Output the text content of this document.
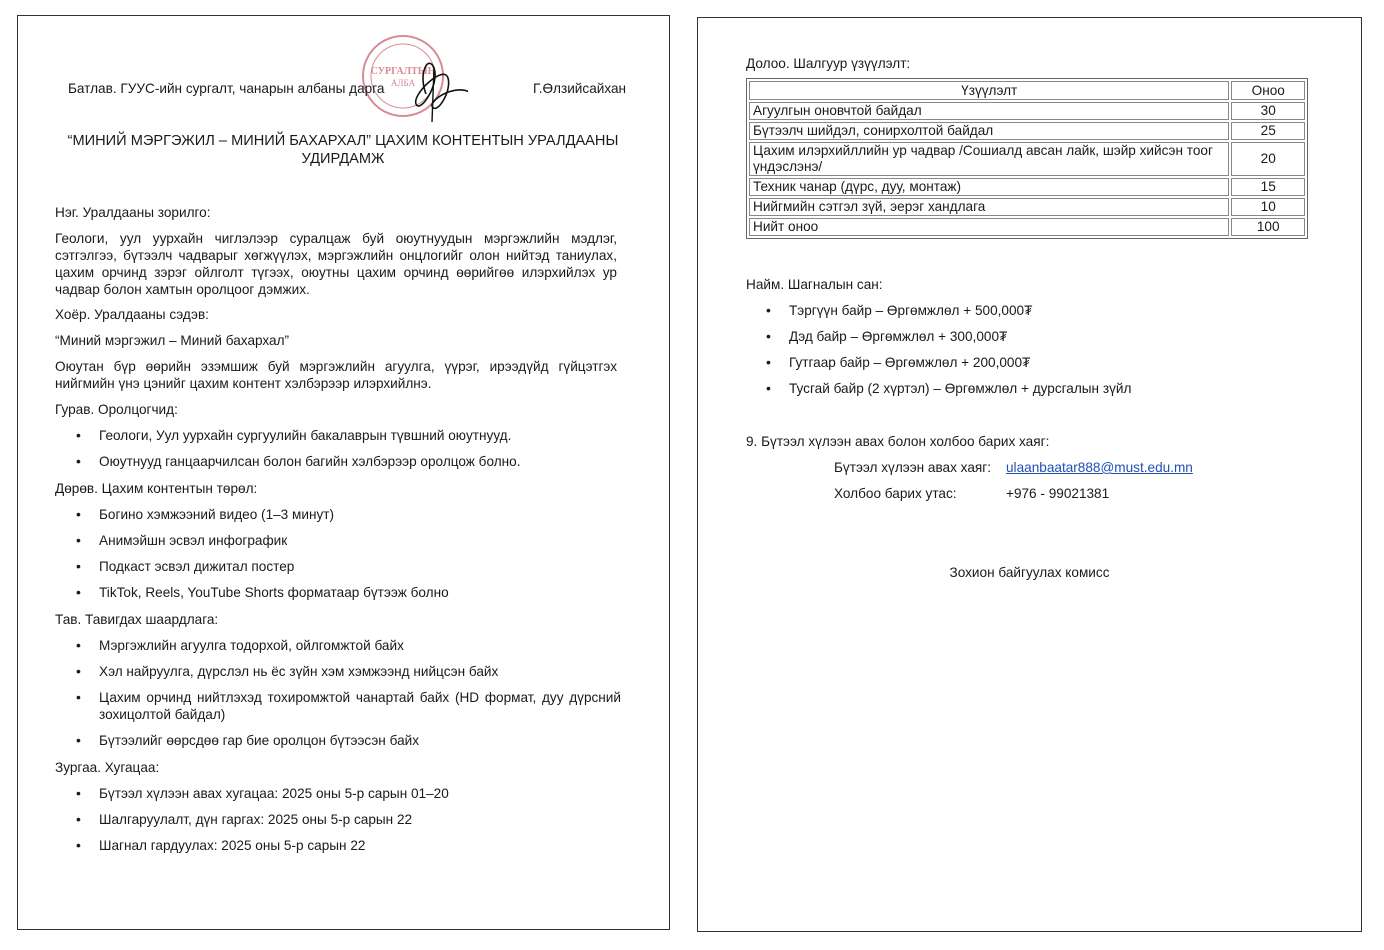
СУРГАЛТЫН
АЛБА
Батлав. ГУУС-ийн сургалт, чанарын албаны дарга	Г.Өлзийсайхан
“МИНИЙ МЭРГЭЖИЛ – МИНИЙ БАХАРХАЛ” ЦАХИМ КОНТЕНТЫН УРАЛДААНЫ УДИРДАМЖ
Нэг. Уралдааны зорилго:
Геологи, уул уурхайн чиглэлээр суралцаж буй оюутнуудын мэргэжлийн мэдлэг, сэтгэлгээ, бүтээлч чадварыг хөгжүүлэх, мэргэжлийн онцлогийг олон нийтэд таниулах, цахим орчинд зэрэг ойлголт түгээх, оюутны цахим орчинд өөрийгөө илэрхийлэх ур чадвар болон хамтын оролцоог дэмжих.
Хоёр. Уралдааны сэдэв:
“Миний мэргэжил – Миний бахархал”
Оюутан бүр өөрийн эзэмшиж буй мэргэжлийн агуулга, үүрэг, ирээдүйд гүйцэтгэх нийгмийн үнэ цэнийг цахим контент хэлбэрээр илэрхийлнэ.
Гурав. Оролцогчид:
• Геологи, Уул уурхайн сургуулийн бакалаврын түвшний оюутнууд.
• Оюутнууд ганцаарчилсан болон багийн хэлбэрээр оролцож болно.
Дөрөв. Цахим контентын төрөл:
• Богино хэмжээний видео (1–3 минут)
• Анимэйшн эсвэл инфографик
• Подкаст эсвэл дижитал постер
• TikTok, Reels, YouTube Shorts форматаар бүтээж болно
Тав. Тавигдах шаардлага:
• Мэргэжлийн агуулга тодорхой, ойлгомжтой байх
• Хэл найруулга, дүрслэл нь ёс зүйн хэм хэмжээнд нийцсэн байх
• Цахим орчинд нийтлэхэд тохиромжтой чанартай байх (HD формат, дуу дүрсний зохицолтой байдал)
• Бүтээлийг өөрсдөө гар бие оролцон бүтээсэн байх
Зургаа. Хугацаа:
• Бүтээл хүлээн авах хугацаа: 2025 оны 5-р сарын 01–20
• Шалгаруулалт, дүн гаргах: 2025 оны 5-р сарын 22
• Шагнал гардуулах: 2025 оны 5-р сарын 22
Долоо. Шалгуур үзүүлэлт:
Үзүүлэлт	Оноо
Агуулгын оновчтой байдал	30
Бүтээлч шийдэл, сонирхолтой байдал	25
Цахим илэрхийллийн ур чадвар /Сошиалд авсан лайк, шэйр хийсэн тоог үндэслэнэ/	20
Техник чанар (дүрс, дуу, монтаж)	15
Нийгмийн сэтгэл зүй, эерэг хандлага	10
Нийт оноо	100
Найм. Шагналын сан:
• Тэргүүн байр – Өргөмжлөл + 500,000₮
• Дэд байр – Өргөмжлөл + 300,000₮
• Гутгаар байр – Өргөмжлөл + 200,000₮
• Тусгай байр (2 хүртэл) – Өргөмжлөл + дурсгалын зүйл
9. Бүтээл хүлээн авах болон холбоо барих хаяг:
Бүтээл хүлээн авах хаяг: ulaanbaatar888@must.edu.mn
Холбоо барих утас:	+976 - 99021381
Зохион байгуулах комисс
